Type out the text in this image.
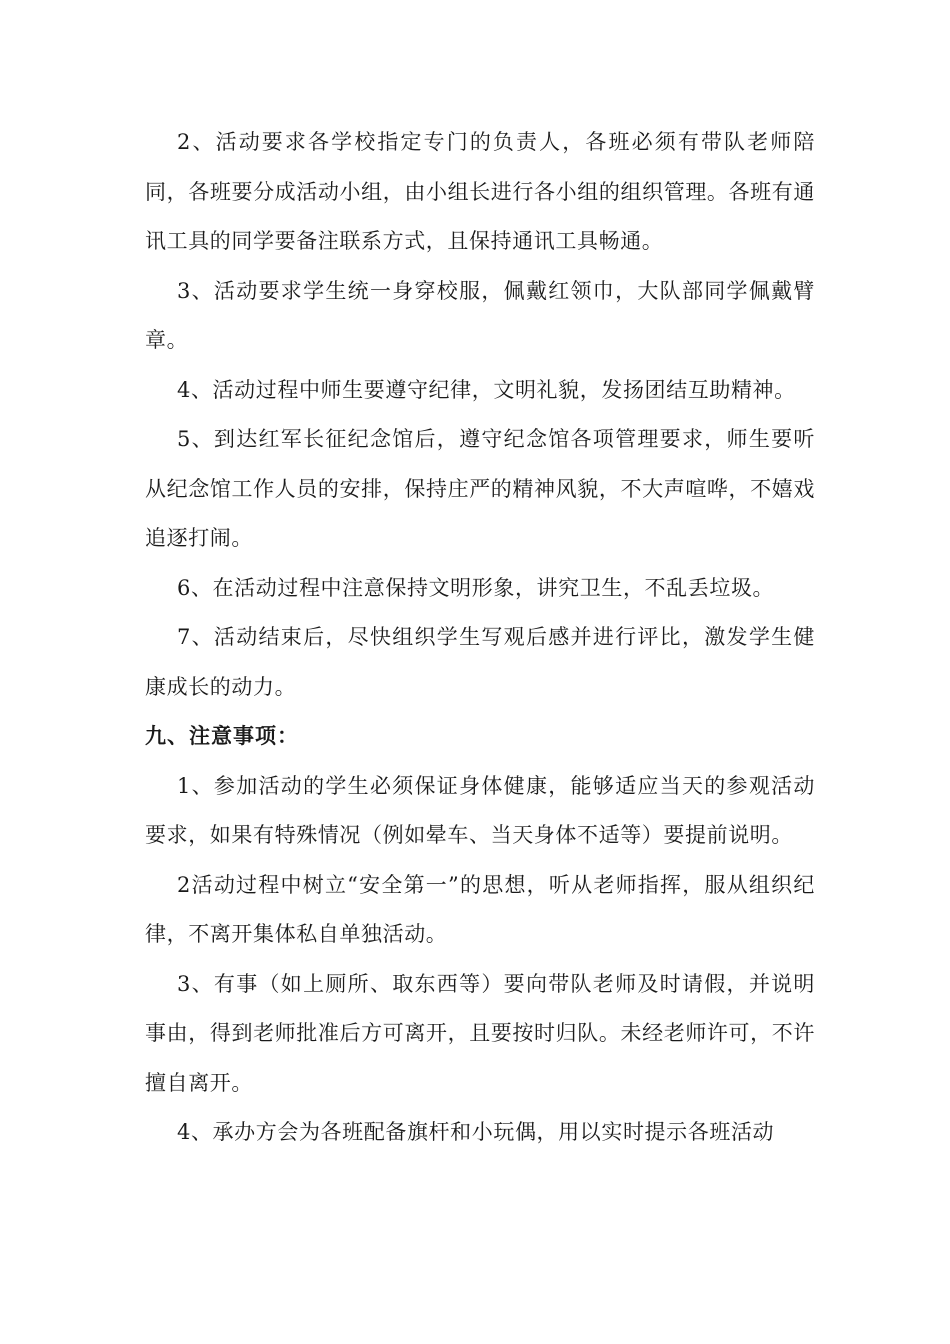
2、活动要求各学校指定专门的负责人，各班必须有带队老师陪同，各班要分成活动小组，由小组长进行各小组的组织管理。各班有通讯工具的同学要备注联系方式，且保持通讯工具畅通。

3、活动要求学生统一身穿校服，佩戴红领巾，大队部同学佩戴臂章。

4、活动过程中师生要遵守纪律，文明礼貌，发扬团结互助精神。

5、到达红军长征纪念馆后，遵守纪念馆各项管理要求，师生要听从纪念馆工作人员的安排，保持庄严的精神风貌，不大声喧哗，不嬉戏追逐打闹。

6、在活动过程中注意保持文明形象，讲究卫生，不乱丢垃圾。

7、活动结束后，尽快组织学生写观后感并进行评比，激发学生健康成长的动力。

九、注意事项：

1、参加活动的学生必须保证身体健康，能够适应当天的参观活动要求，如果有特殊情况（例如晕车、当天身体不适等）要提前说明。

2活动过程中树立“安全第一”的思想，听从老师指挥，服从组织纪律，不离开集体私自单独活动。

3、有事（如上厕所、取东西等）要向带队老师及时请假，并说明事由，得到老师批准后方可离开，且要按时归队。未经老师许可，不许擅自离开。

4、承办方会为各班配备旗杆和小玩偶，用以实时提示各班活动
